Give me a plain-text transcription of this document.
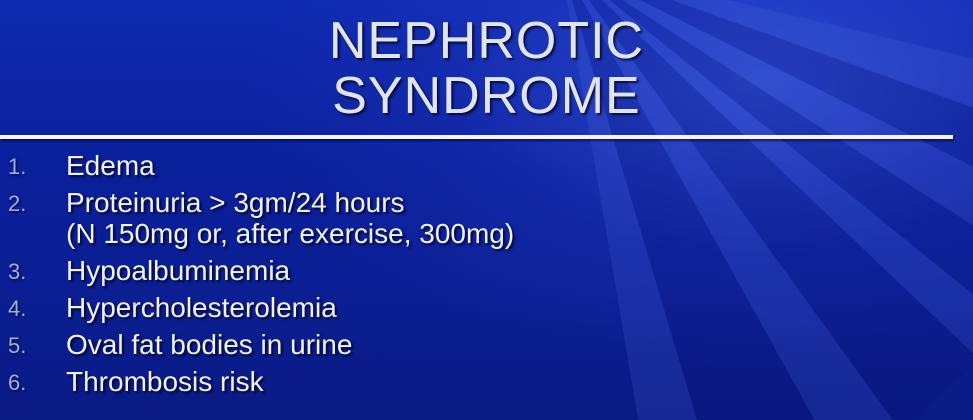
NEPHROTIC
SYNDROME
1. Edema
2. Proteinuria > 3gm/24 hours
(N 150mg or, after exercise, 300mg)
3. Hypoalbuminemia
4. Hypercholesterolemia
5. Oval fat bodies in urine
6. Thrombosis risk
